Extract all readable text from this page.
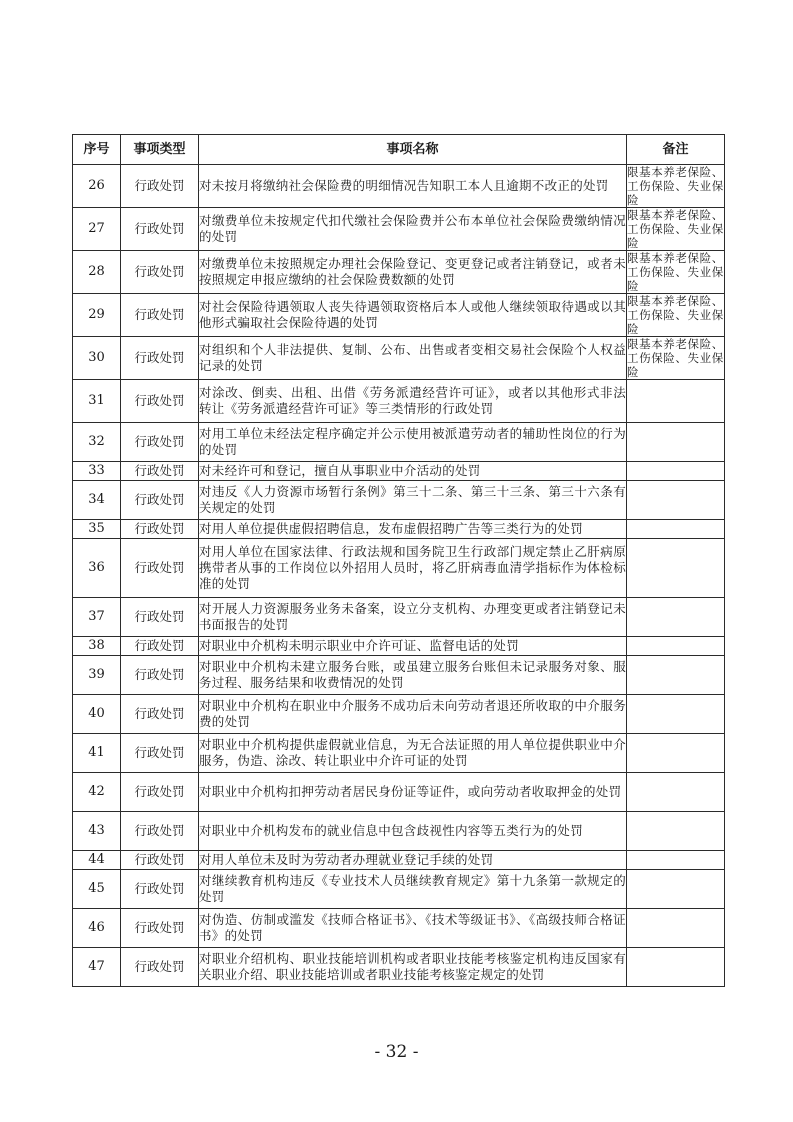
序号	事项类型	事项名称	备注
26	行政处罚	对未按月将缴纳社会保险费的明细情况告知职工本人且逾期不改正的处罚	限基本养老保险、工伤保险、失业保险
27	行政处罚	对缴费单位未按规定代扣代缴社会保险费并公布本单位社会保险费缴纳情况的处罚	限基本养老保险、工伤保险、失业保险
28	行政处罚	对缴费单位未按照规定办理社会保险登记、变更登记或者注销登记，或者未按照规定申报应缴纳的社会保险费数额的处罚	限基本养老保险、工伤保险、失业保险
29	行政处罚	对社会保险待遇领取人丧失待遇领取资格后本人或他人继续领取待遇或以其他形式骗取社会保险待遇的处罚	限基本养老保险、工伤保险、失业保险
30	行政处罚	对组织和个人非法提供、复制、公布、出售或者变相交易社会保险个人权益记录的处罚	限基本养老保险、工伤保险、失业保险
31	行政处罚	对涂改、倒卖、出租、出借《劳务派遣经营许可证》，或者以其他形式非法转让《劳务派遣经营许可证》等三类情形的行政处罚	
32	行政处罚	对用工单位未经法定程序确定并公示使用被派遣劳动者的辅助性岗位的行为的处罚	
33	行政处罚	对未经许可和登记，擅自从事职业中介活动的处罚	
34	行政处罚	对违反《人力资源市场暂行条例》第三十二条、第三十三条、第三十六条有关规定的处罚	
35	行政处罚	对用人单位提供虚假招聘信息，发布虚假招聘广告等三类行为的处罚	
36	行政处罚	对用人单位在国家法律、行政法规和国务院卫生行政部门规定禁止乙肝病原携带者从事的工作岗位以外招用人员时，将乙肝病毒血清学指标作为体检标准的处罚	
37	行政处罚	对开展人力资源服务业务未备案，设立分支机构、办理变更或者注销登记未书面报告的处罚	
38	行政处罚	对职业中介机构未明示职业中介许可证、监督电话的处罚	
39	行政处罚	对职业中介机构未建立服务台账，或虽建立服务台账但未记录服务对象、服务过程、服务结果和收费情况的处罚	
40	行政处罚	对职业中介机构在职业中介服务不成功后未向劳动者退还所收取的中介服务费的处罚	
41	行政处罚	对职业中介机构提供虚假就业信息，为无合法证照的用人单位提供职业中介服务，伪造、涂改、转让职业中介许可证的处罚	
42	行政处罚	对职业中介机构扣押劳动者居民身份证等证件，或向劳动者收取押金的处罚	
43	行政处罚	对职业中介机构发布的就业信息中包含歧视性内容等五类行为的处罚	
44	行政处罚	对用人单位未及时为劳动者办理就业登记手续的处罚	
45	行政处罚	对继续教育机构违反《专业技术人员继续教育规定》第十九条第一款规定的处罚	
46	行政处罚	对伪造、仿制或滥发《技师合格证书》、《技术等级证书》、《高级技师合格证书》的处罚	
47	行政处罚	对职业介绍机构、职业技能培训机构或者职业技能考核鉴定机构违反国家有关职业介绍、职业技能培训或者职业技能考核鉴定规定的处罚	
- 32 -
